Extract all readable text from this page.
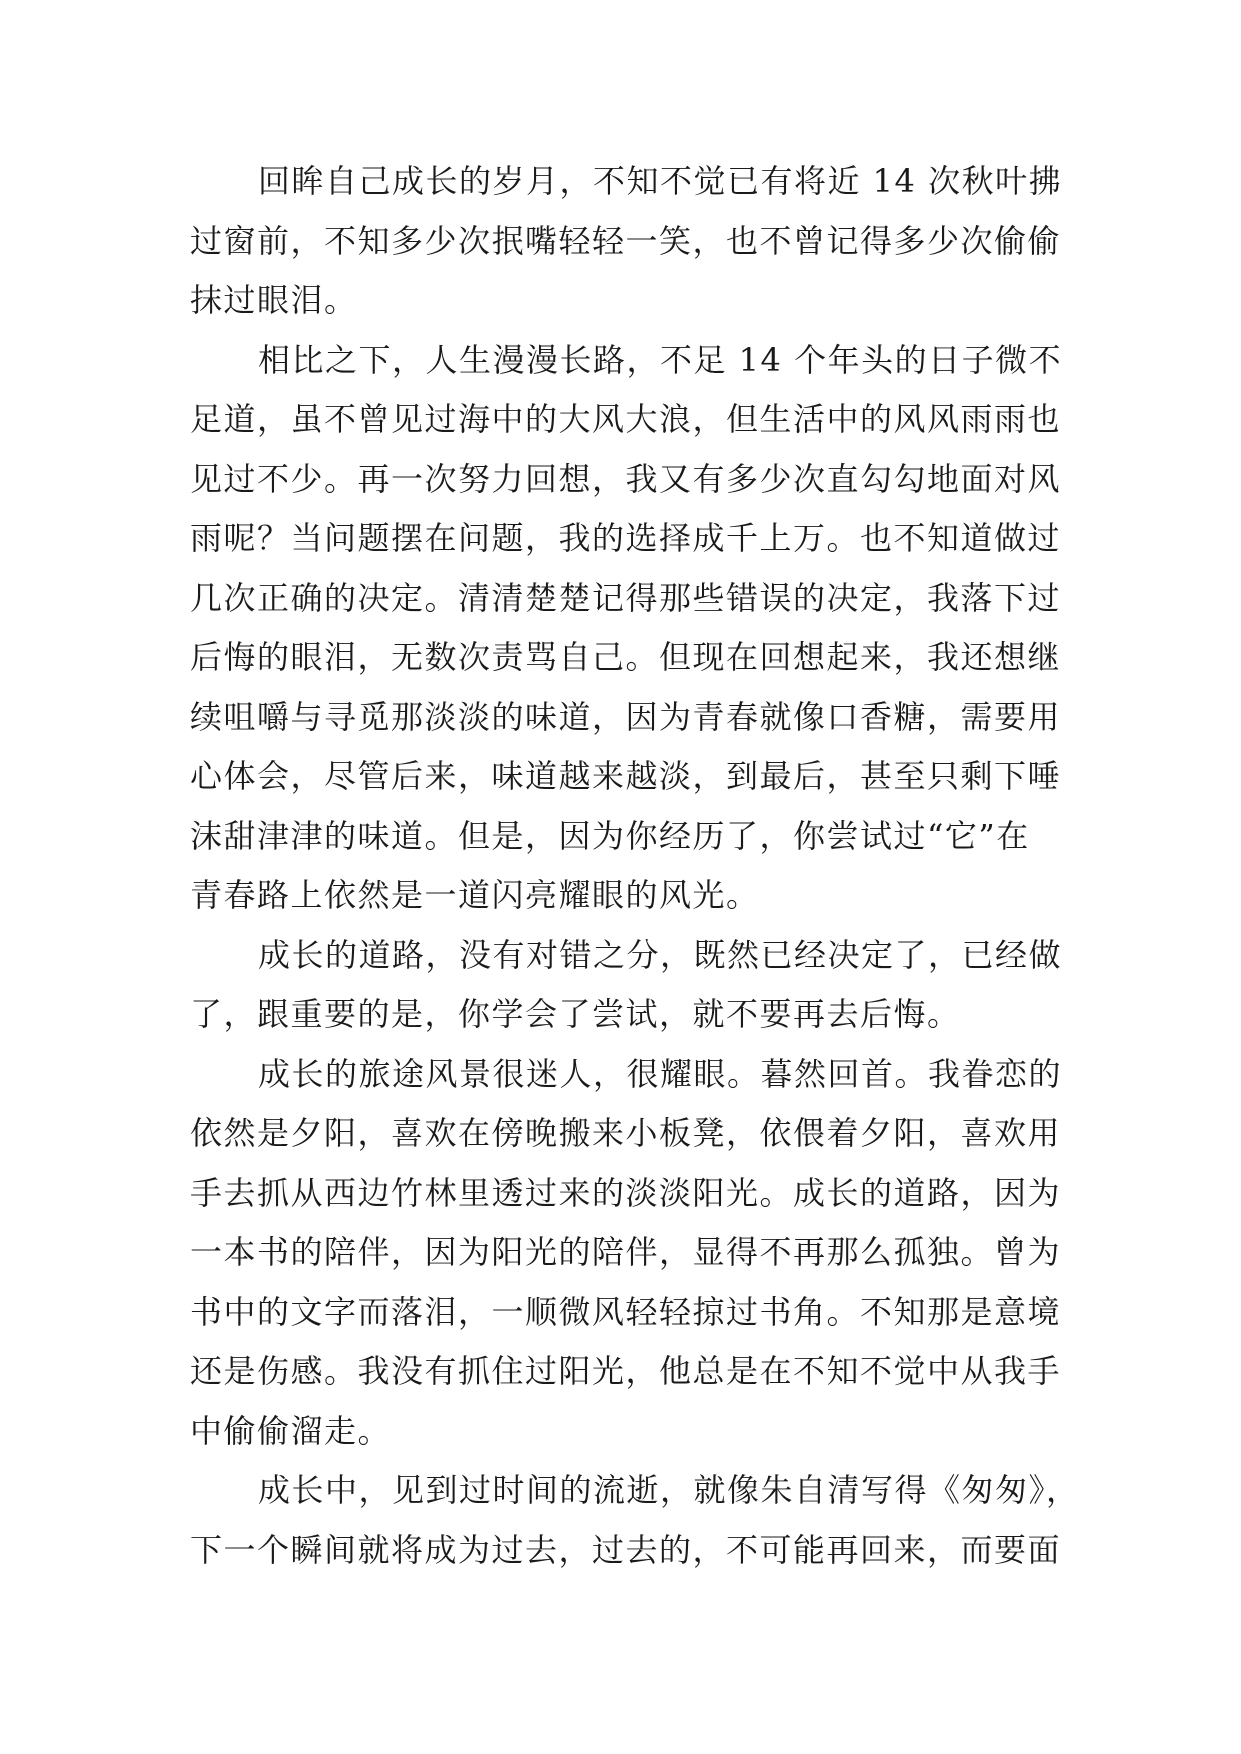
回眸自己成长的岁月，不知不觉已有将近 14 次秋叶拂
过窗前，不知多少次抿嘴轻轻一笑，也不曾记得多少次偷偷
抹过眼泪。
相比之下，人生漫漫长路，不足 14 个年头的日子微不
足道，虽不曾见过海中的大风大浪，但生活中的风风雨雨也
见过不少。再一次努力回想，我又有多少次直勾勾地面对风
雨呢？当问题摆在问题，我的选择成千上万。也不知道做过
几次正确的决定。清清楚楚记得那些错误的决定，我落下过
后悔的眼泪，无数次责骂自己。但现在回想起来，我还想继
续咀嚼与寻觅那淡淡的味道，因为青春就像口香糖，需要用
心体会，尽管后来，味道越来越淡，到最后，甚至只剩下唾
沫甜津津的味道。但是，因为你经历了，你尝试过“它”在
青春路上依然是一道闪亮耀眼的风光。
成长的道路，没有对错之分，既然已经决定了，已经做
了，跟重要的是，你学会了尝试，就不要再去后悔。
成长的旅途风景很迷人，很耀眼。暮然回首。我眷恋的
依然是夕阳，喜欢在傍晚搬来小板凳，依偎着夕阳，喜欢用
手去抓从西边竹林里透过来的淡淡阳光。成长的道路，因为
一本书的陪伴，因为阳光的陪伴，显得不再那么孤独。曾为
书中的文字而落泪，一顺微风轻轻掠过书角。不知那是意境
还是伤感。我没有抓住过阳光，他总是在不知不觉中从我手
中偷偷溜走。
成长中，见到过时间的流逝，就像朱自清写得《匆匆》，
下一个瞬间就将成为过去，过去的，不可能再回来，而要面
